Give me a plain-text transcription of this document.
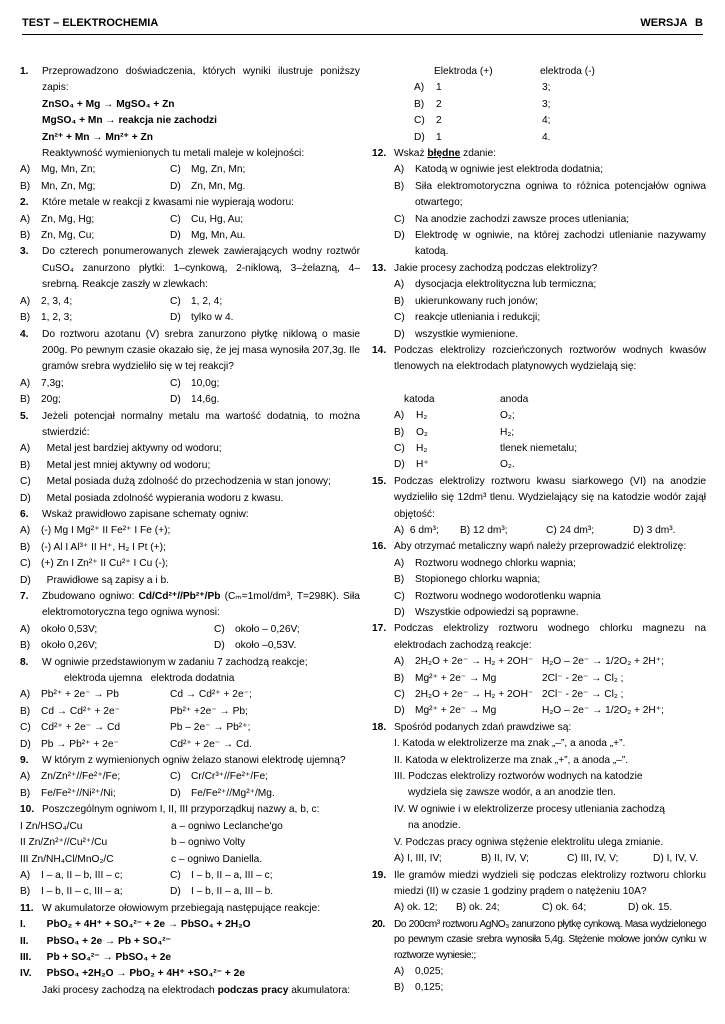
TEST – ELEKTROCHEMIA	WERSJA B
1. Przeprowadzono doświadczenia, których wyniki ilustruje poniższy zapis:
ZnSO₄ + Mg → MgSO₄ + Zn
MgSO₄ + Mn → reakcja nie zachodzi
Zn²⁺ + Mn → Mn²⁺ + Zn
Reaktywność wymienionych tu metali maleje w kolejności:
A) Mg, Mn, Zn;	C) Mg, Zn, Mn;
B) Mn, Zn, Mg;	D) Zn, Mn, Mg.
2. Które metale w reakcji z kwasami nie wypierają wodoru:
A) Zn, Mg, Hg;	C) Cu, Hg, Au;
B) Zn, Mg, Cu;	D) Mg, Mn, Au.
3. Do czterech ponumerowanych zlewek zawierających wodny roztwór CuSO₄ zanurzono płytki: 1–cynkową, 2-niklową, 3–żelazną, 4–srebrną. Reakcje zaszły w zlewkach:
A) 2, 3, 4;	C) 1, 2, 4;
B) 1, 2, 3;	D) tylko w 4.
4. Do roztworu azotanu (V) srebra zanurzono płytkę niklową o masie 200g. Po pewnym czasie okazało się, że jej masa wynosiła 207,3g. Ile gramów srebra wydzieliło się w tej reakcji?
A) 7,3g;	C) 10,0g;
B) 20g;	D) 14,6g.
5. Jeżeli potencjał normalny metalu ma wartość dodatnią, to można stwierdzić:
A) Metal jest bardziej aktywny od wodoru;
B) Metal jest mniej aktywny od wodoru;
C) Metal posiada dużą zdolność do przechodzenia w stan jonowy;
D) Metal posiada zdolność wypierania wodoru z kwasu.
6. Wskaż prawidłowo zapisane schematy ogniw:
A) (-) Mg I Mg²⁺ II Fe²⁺ I Fe (+);
B) (-) Al I Al³⁺ II H⁺, H₂ I Pt (+);
C) (+) Zn I Zn²⁺ II Cu²⁺ I Cu (-);
D) Prawidłowe są zapisy a i b.
7. Zbudowano ogniwo: Cd/Cd²⁺//Pb²⁺/Pb (Cₘ=1mol/dm³, T=298K). Siła elektromotoryczna tego ogniwa wynosi:
A) około 0,53V;	C) około – 0,26V;
B) około 0,26V;	D) około –0,53V.
8. W ogniwie przedstawionym w zadaniu 7 zachodzą reakcje;
elektroda ujemna   elektroda dodatnia
A) Pb²⁺ + 2e⁻ → Pb	Cd → Cd²⁺ + 2e⁻;
B) Cd → Cd²⁺ + 2e⁻	Pb²⁺ +2e⁻ → Pb;
C) Cd²⁺ + 2e⁻ → Cd	Pb – 2e⁻ → Pb²⁺;
D) Pb → Pb²⁺ + 2e⁻	Cd²⁺ + 2e⁻ → Cd.
9. W którym z wymienionych ogniw żelazo stanowi elektrodę ujemną?
A) Zn/Zn²⁺//Fe²⁺/Fe;	C) Cr/Cr³⁺//Fe²⁺/Fe;
B) Fe/Fe²⁺//Ni²⁺/Ni;	D) Fe/Fe²⁺//Mg²⁺/Mg.
10. Poszczególnym ogniwom I, II, III przyporządkuj nazwy a, b, c:
I Zn/HSO₄/Cu	a – ogniwo Leclanche'go
II Zn/Zn²⁺//Cu²⁺/Cu	b – ogniwo Volty
III Zn/NH₄Cl/MnO₂/C	c – ogniwo Daniella.
A) I – a, II – b, III – c;	C) I – b, II – a, III – c;
B) I – b, II – c, III – a;	D) I – b, II – a, III – b.
11. W akumulatorze ołowiowym przebiegają następujące reakcje:
I. PbO₂ + 4H⁺ + SO₄²⁻ + 2e → PbSO₄ + 2H₂O
II. PbSO₄ + 2e → Pb + SO₄²⁻
III. Pb + SO₄²⁻ → PbSO₄ + 2e
IV. PbSO₄ +2H₂O → PbO₂ + 4H⁺ +SO₄²⁻ + 2e
Jaki procesy zachodzą na elektrodach podczas pracy akumulatora:
Elektroda (+)	elektroda (-)
A)	1	3;
B)	2	3;
C)	2	4;
D)	1	4.
12. Wskaż błędne zdanie:
A) Katodą w ogniwie jest elektroda dodatnia;
B) Siła elektromotoryczna ogniwa to różnica potencjałów ogniwa otwartego;
C) Na anodzie zachodzi zawsze proces utleniania;
D) Elektrodę w ogniwie, na której zachodzi utlenianie nazywamy katodą.
13. Jakie procesy zachodzą podczas elektrolizy?
A) dysocjacja elektrolityczna lub termiczna;
B) ukierunkowany ruch jonów;
C) reakcje utleniania i redukcji;
D) wszystkie wymienione.
14. Podczas elektrolizy rozcieńczonych roztworów wodnych kwasów tlenowych na elektrodach platynowych wydzielają się:
katoda	anoda
A)	H₂	O₂;
B)	O₂	H₂;
C)	H₂	tlenek niemetalu;
D)	H⁺	O₂.
15. Podczas elektrolizy roztworu kwasu siarkowego (VI) na anodzie wydzieliło się 12dm³ tlenu. Wydzielający się na katodzie wodór zajął objętość:
A)  6 dm³;	B) 12 dm³;	C) 24 dm³;	D) 3 dm³.
16. Aby otrzymać metaliczny wapń należy przeprowadzić elektrolizę:
A) Roztworu wodnego chlorku wapnia;
B) Stopionego chlorku wapnia;
C) Roztworu wodnego wodorotlenku wapnia
D) Wszystkie odpowiedzi są poprawne.
17. Podczas elektrolizy roztworu wodnego chlorku magnezu na elektrodach zachodzą reakcje:
A)	2H₂O + 2e⁻ → H₂ + 2OH⁻ H₂O – 2e⁻ → 1/2O₂ + 2H⁺;
B)	Mg²⁺ + 2e⁻ → Mg	2Cl⁻ - 2e⁻ → Cl₂ ;
C)	2H₂O + 2e⁻ → H₂ + 2OH⁻ 2Cl⁻ - 2e⁻ → Cl₂ ;
D)	Mg²⁺ + 2e⁻ → Mg	H₂O – 2e⁻ → 1/2O₂ + 2H⁺;
18. Spośród podanych zdań prawdziwe są:
I. Katoda w elektrolizerze ma znak „–”, a anoda „+”.
II. Katoda w elektrolizerze ma znak „+”, a anoda „–”.
III. Podczas elektrolizy roztworów wodnych na katodzie
wydziela się zawsze wodór, a an anodzie tlen.
IV. W ogniwie i w elektrolizerze procesy utleniania zachodzą
na anodzie.
V. Podczas pracy ogniwa stężenie elektrolitu ulega zmianie.
A) I, III, IV;	B) II, IV, V;	C) III, IV, V;	D) I, IV, V.
19. Ile gramów miedzi wydzieli się podczas elektrolizy roztworu chlorku miedzi (II) w czasie 1 godziny prądem o natężeniu 10A?
A) ok. 12;	B) ok. 24;	C) ok. 64;	D) ok. 15.
20. Do 200cm³ roztworu AgNO₃ zanurzono płytkę cynkową. Masa wydzielonego po pewnym czasie srebra wynosiła 5,4g. Stężenie molowe jonów cynku w roztworze wyniesie:;
A) 0,025;
B) 0,125;
